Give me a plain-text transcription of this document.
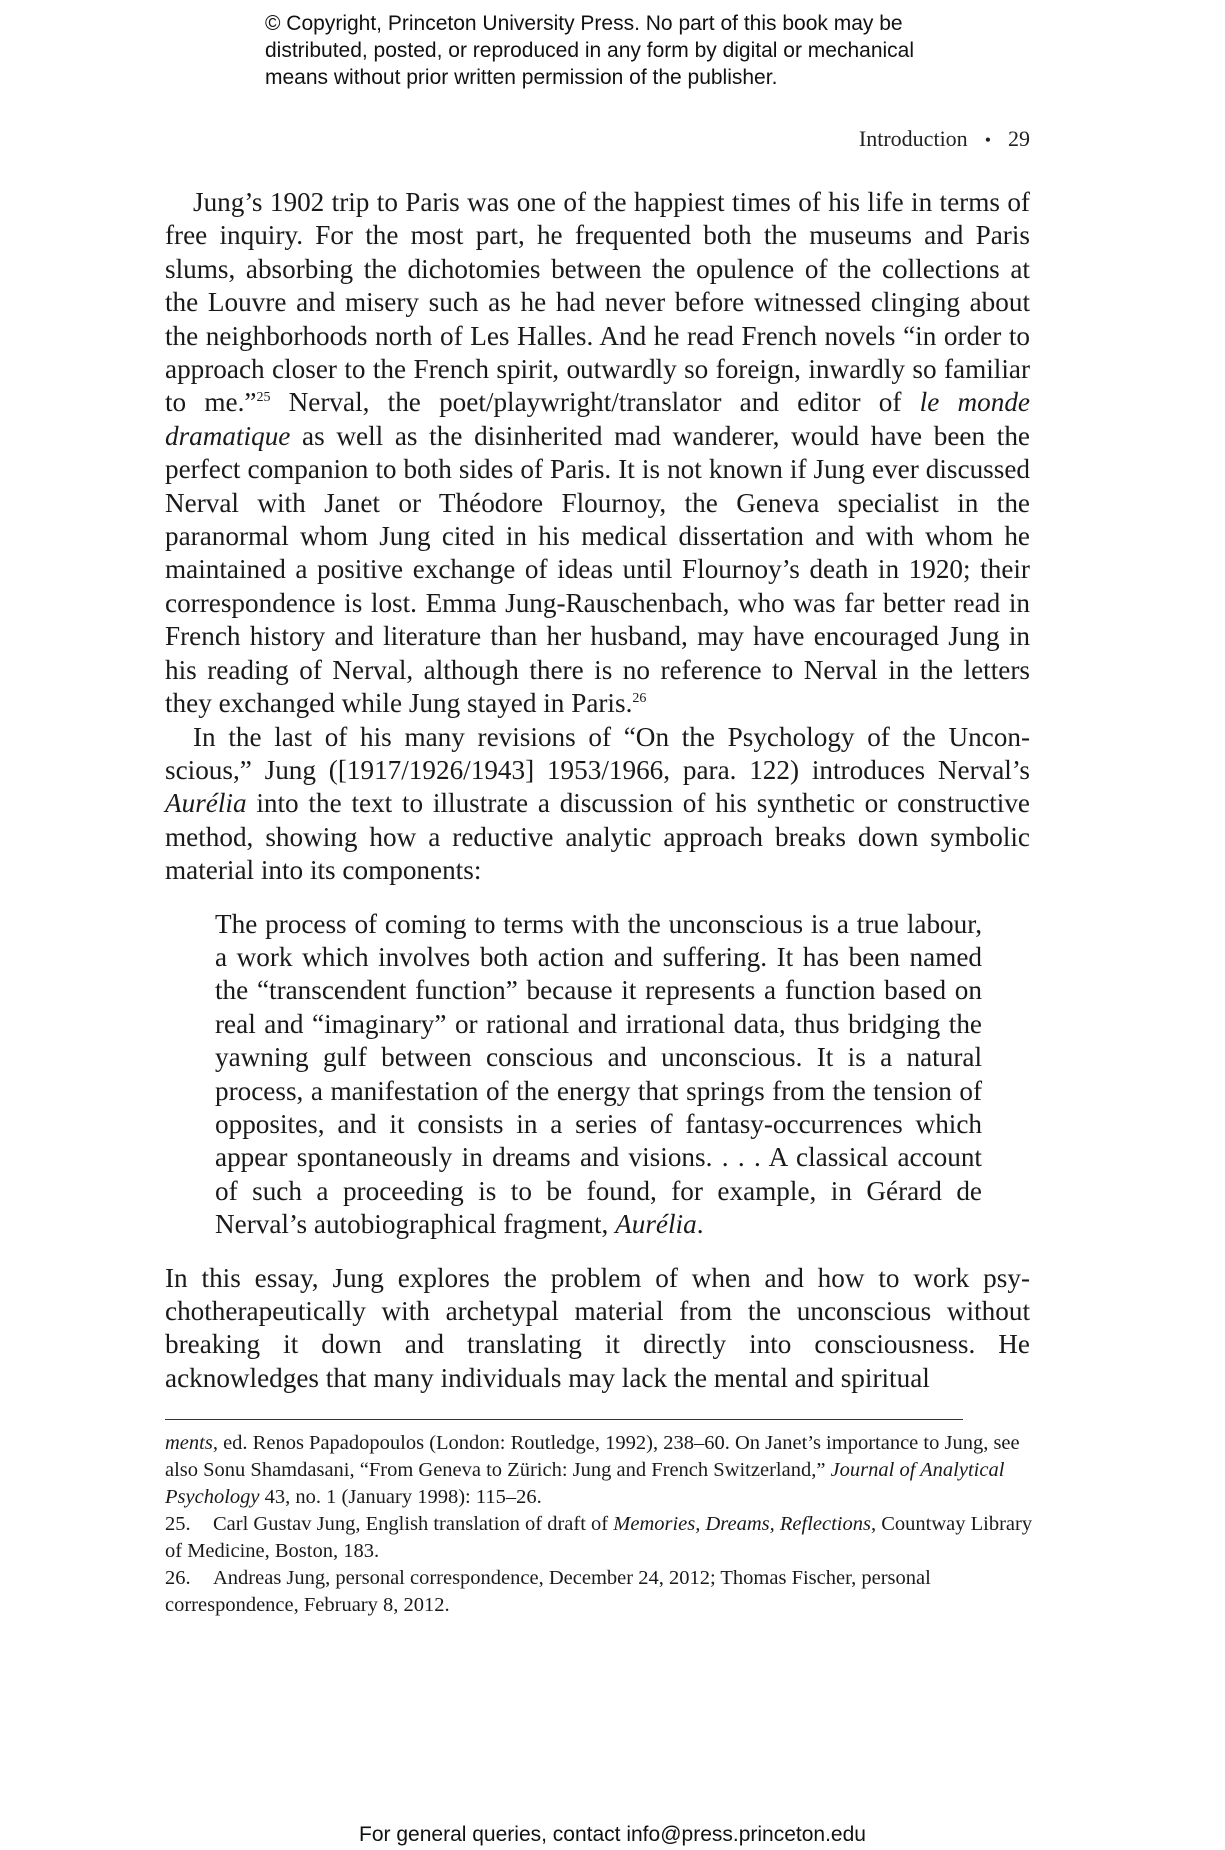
© Copyright, Princeton University Press. No part of this book may be
distributed, posted, or reproduced in any form by digital or mechanical
means without prior written permission of the publisher.
Introduction • 29

Jung’s 1902 trip to Paris was one of the happiest times of his life in terms of free inquiry. For the most part, he frequented both the museums and Paris slums, absorbing the dichotomies between the opulence of the collections at the Louvre and misery such as he had never before witnessed clinging about the neighborhoods north of Les Halles. And he read French novels “in order to approach closer to the French spirit, outwardly so foreign, inwardly so familiar to me.”$^{25}$ Nerval, the poet/playwright/translator and editor of le monde dramatique as well as the disinherited mad wanderer, would have been the perfect companion to both sides of Paris. It is not known if Jung ever discussed Nerval with Janet or Théodore Flournoy, the Geneva specialist in the paranormal whom Jung cited in his medical dissertation and with whom he maintained a positive exchange of ideas until Flournoy’s death in 1920; their correspondence is lost. Emma Jung-Rauschenbach, who was far better read in French history and literature than her husband, may have encouraged Jung in his reading of Nerval, although there is no reference to Nerval in the letters they exchanged while Jung stayed in Paris.$^{26}$

In the last of his many revisions of “On the Psychology of the Unconscious,” Jung ([1917/1926/1943] 1953/1966, para. 122) introduces Nerval’s Aurélia into the text to illustrate a discussion of his synthetic or constructive method, showing how a reductive analytic approach breaks down symbolic material into its components:

The process of coming to terms with the unconscious is a true labour, a work which involves both action and suffering. It has been named the “transcendent function” because it represents a function based on real and “imaginary” or rational and irrational data, thus bridging the yawning gulf between conscious and unconscious. It is a natural process, a manifestation of the energy that springs from the tension of opposites, and it consists in a series of fantasy-occurrences which appear spontaneously in dreams and visions. . . . A classical account of such a proceeding is to be found, for example, in Gérard de Nerval’s autobiographical fragment, Aurélia.

In this essay, Jung explores the problem of when and how to work psychotherapeutically with archetypal material from the unconscious without breaking it down and translating it directly into consciousness. He acknowledges that many individuals may lack the mental and spiritual

ments, ed. Renos Papadopoulos (London: Routledge, 1992), 238–60. On Janet’s importance to Jung, see also Sonu Shamdasani, “From Geneva to Zürich: Jung and French Switzerland,” Journal of Analytical Psychology 43, no. 1 (January 1998): 115–26.

25. Carl Gustav Jung, English translation of draft of Memories, Dreams, Reflections, Countway Library of Medicine, Boston, 183.

26. Andreas Jung, personal correspondence, December 24, 2012; Thomas Fischer, personal correspondence, February 8, 2012.

For general queries, contact info@press.princeton.edu
